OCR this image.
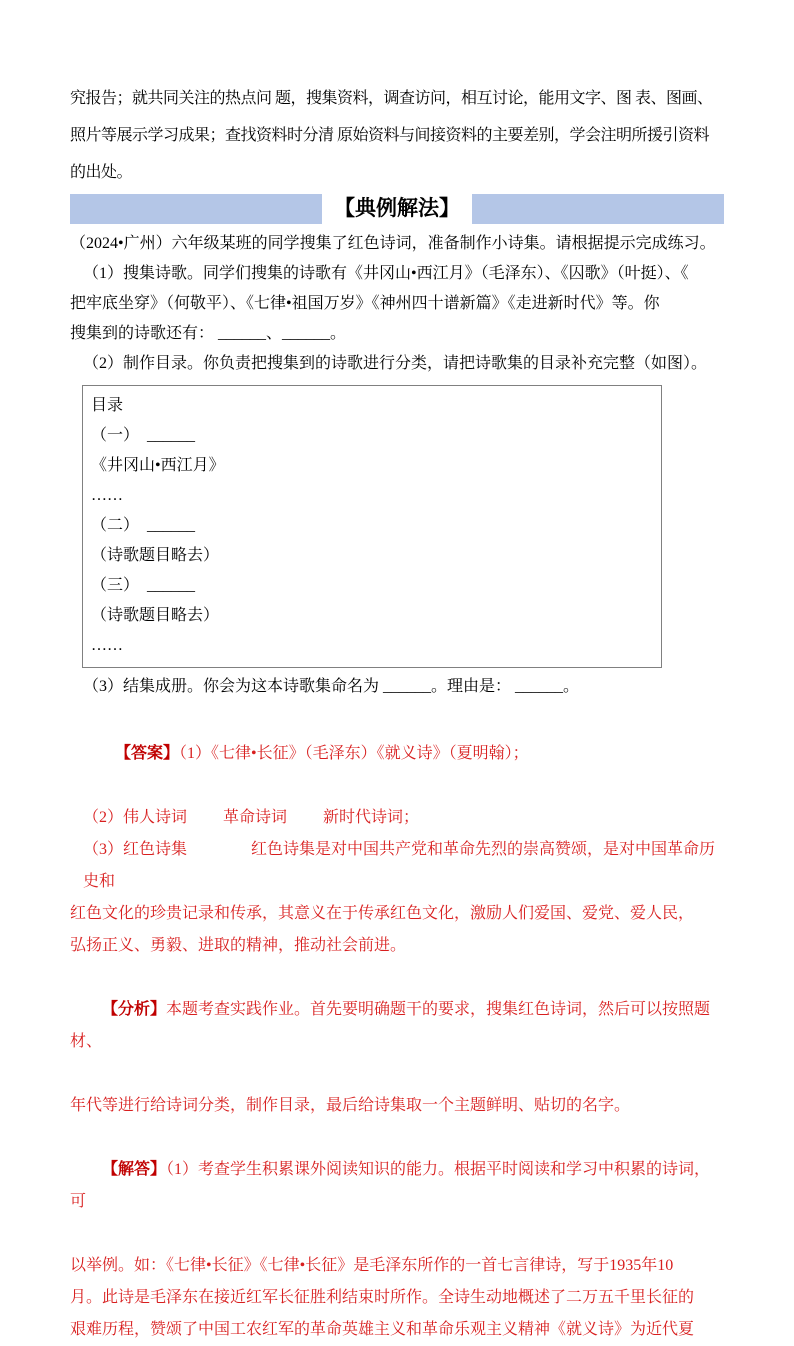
究报告；就共同关注的热点问 题，搜集资料，调查访问，相互讨论，能用文字、图 表、图画、
照片等展示学习成果；查找资料时分清 原始资料与间接资料的主要差别，学会注明所援引资料
的出处。
【典例解法】
（2024•广州）六年级某班的同学搜集了红色诗词，准备制作小诗集。请根据提示完成练习。
（1）搜集诗歌。同学们搜集的诗歌有《井冈山•西江月》（毛泽东）、《囚歌》（叶挺）、《
把牢底坐穿》（何敬平）、《七律•祖国万岁》《神州四十谱新篇》《走进新时代》等。你
搜集到的诗歌还有： ______、______。
（2）制作目录。你负责把搜集到的诗歌进行分类，请把诗歌集的目录补充完整（如图）。
目录
（一）　______
《井冈山•西江月》
……
（二）　______
（诗歌题目略去）
（三）　______
（诗歌题目略去）
……
（3）结集成册。你会为这本诗歌集命名为 ______。理由是： ______。

【答案】（1）《七律•长征》（毛泽东）《就义诗》（夏明翰）；

（2）伟人诗词　　 革命诗词　　 新时代诗词；
（3）红色诗集　　　　红色诗集是对中国共产党和革命先烈的崇高赞颂，是对中国革命历史和
红色文化的珍贵记录和传承，其意义在于传承红色文化，激励人们爱国、爱党、爱人民，
弘扬正义、勇毅、进取的精神，推动社会前进。

【分析】本题考查实践作业。首先要明确题干的要求，搜集红色诗词，然后可以按照题材、

年代等进行给诗词分类，制作目录，最后给诗集取一个主题鲜明、贴切的名字。

【解答】（1）考查学生积累课外阅读知识的能力。根据平时阅读和学习中积累的诗词，可

以举例。如：《七律•长征》《七律•长征》是毛泽东所作的一首七言律诗，写于1935年10
月。此诗是毛泽东在接近红军长征胜利结束时所作。全诗生动地概述了二万五千里长征的
艰难历程，赞颂了中国工农红军的革命英雄主义和革命乐观主义精神《就义诗》为近代夏
